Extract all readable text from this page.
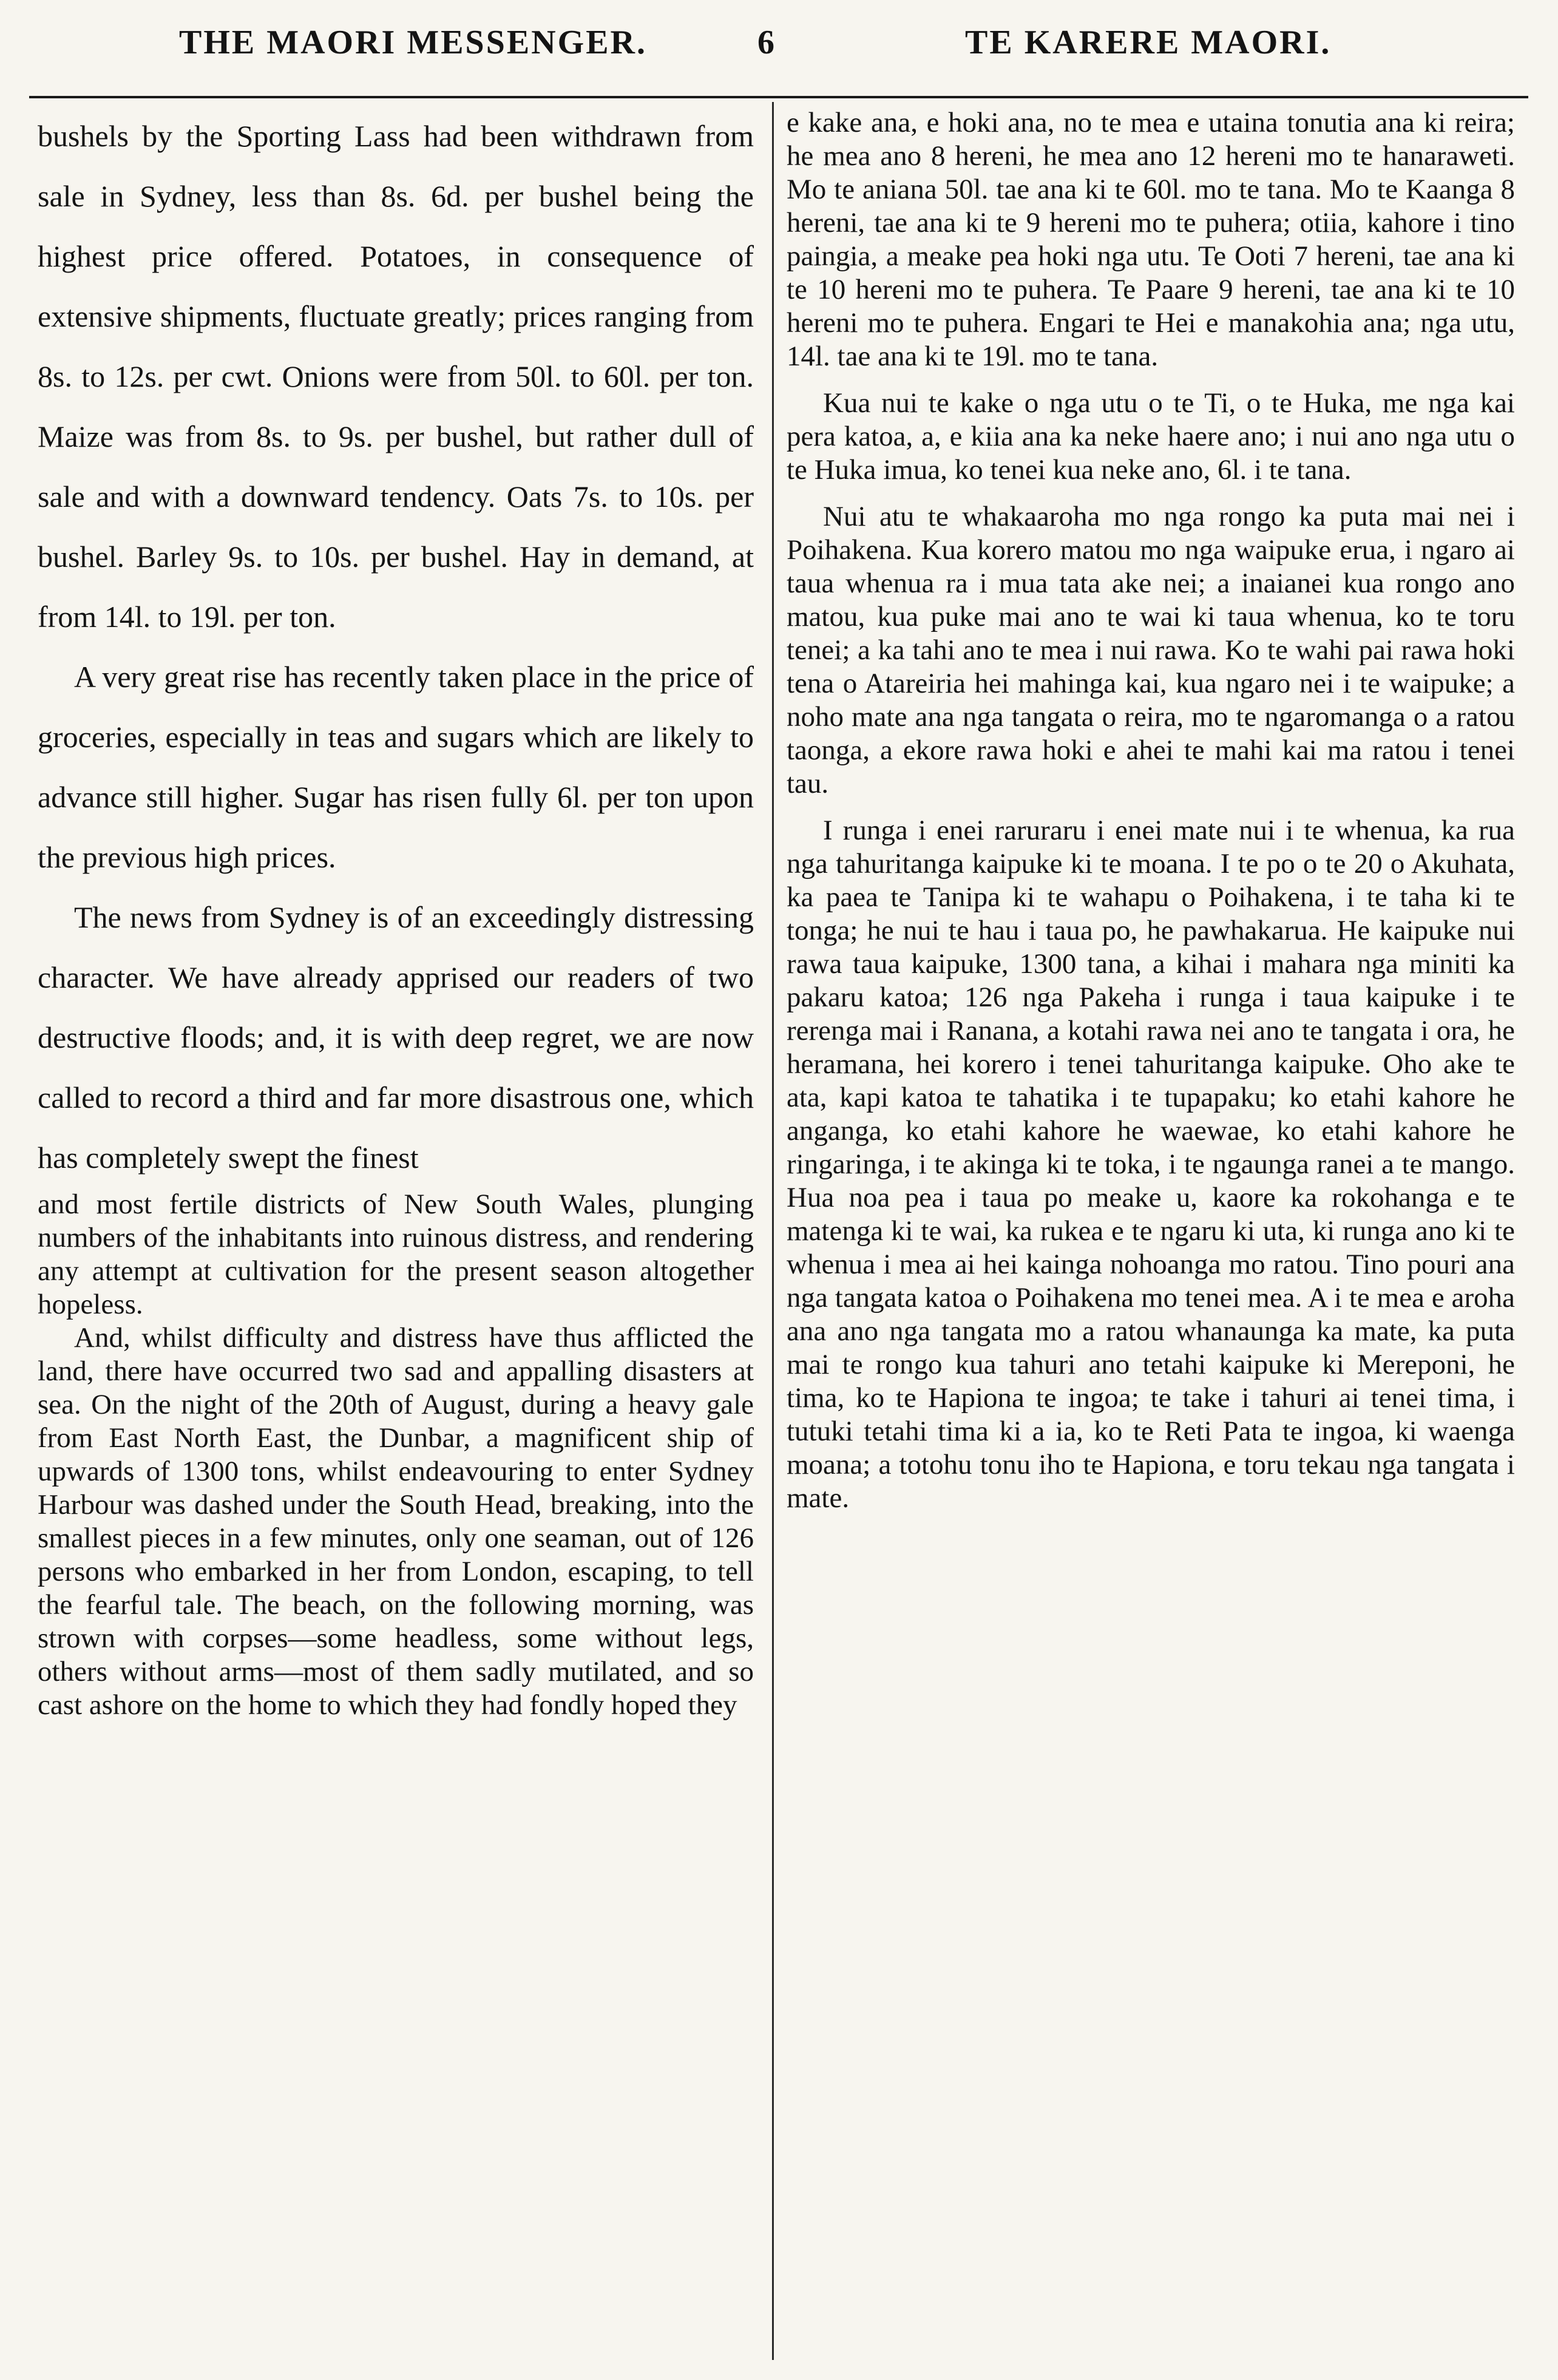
THE MAORI MESSENGER.	6	TE KARERE MAORI.

bushels by the Sporting Lass had been withdrawn from sale in Sydney, less than 8s. 6d. per bushel being the highest price offered. Potatoes, in consequence of extensive shipments, fluctuate greatly; prices ranging from 8s. to 12s. per cwt. Onions were from 50l. to 60l. per ton. Maize was from 8s. to 9s. per bushel, but rather dull of sale and with a downward tendency. Oats 7s. to 10s. per bushel. Barley 9s. to 10s. per bushel. Hay in demand, at from 14l. to 19l. per ton.

A very great rise has recently taken place in the price of groceries, especially in teas and sugars which are likely to advance still higher. Sugar has risen fully 6l. per ton upon the previous high prices.

The news from Sydney is of an exceedingly distressing character. We have already apprised our readers of two destructive floods; and, it is with deep regret, we are now called to record a third and far more disastrous one, which has completely swept the finest

and most fertile districts of New South Wales, plunging numbers of the inhabitants into ruinous distress, and rendering any attempt at cultivation for the present season altogether hopeless.

And, whilst difficulty and distress have thus afflicted the land, there have occurred two sad and appalling disasters at sea. On the night of the 20th of August, during a heavy gale from East North East, the Dunbar, a magnificent ship of upwards of 1300 tons, whilst endeavouring to enter Sydney Harbour was dashed under the South Head, breaking, into the smallest pieces in a few minutes, only one seaman, out of 126 persons who embarked in her from London, escaping, to tell the fearful tale. The beach, on the following morning, was strown with corpses—some headless, some without legs, others without arms—most of them sadly mutilated, and so cast ashore on the home to which they had fondly hoped they

e kake ana, e hoki ana, no te mea e utaina tonutia ana ki reira; he mea ano 8 hereni, he mea ano 12 hereni mo te hanaraweti. Mo te aniana 50l. tae ana ki te 60l. mo te tana. Mo te Kaanga 8 hereni, tae ana ki te 9 hereni mo te puhera; otiia, kahore i tino paingia, a meake pea hoki nga utu. Te Ooti 7 hereni, tae ana ki te 10 hereni mo te puhera. Te Paare 9 hereni, tae ana ki te 10 hereni mo te puhera. Engari te Hei e manakohia ana; nga utu, 14l. tae ana ki te 19l. mo te tana.

Kua nui te kake o nga utu o te Ti, o te Huka, me nga kai pera katoa, a, e kiia ana ka neke haere ano; i nui ano nga utu o te Huka imua, ko tenei kua neke ano, 6l. i te tana.

Nui atu te whakaaroha mo nga rongo ka puta mai nei i Poihakena. Kua korero matou mo nga waipuke erua, i ngaro ai taua whenua ra i mua tata ake nei; a inaianei kua rongo ano matou, kua puke mai ano te wai ki taua whenua, ko te toru tenei; a ka tahi ano te mea i nui rawa. Ko te wahi pai rawa hoki tena o Atareiria hei mahinga kai, kua ngaro nei i te waipuke; a noho mate ana nga tangata o reira, mo te ngaromanga o a ratou taonga, a ekore rawa hoki e ahei te mahi kai ma ratou i tenei tau.

I runga i enei raruraru i enei mate nui i te whenua, ka rua nga tahuritanga kaipuke ki te moana. I te po o te 20 o Akuhata, ka paea te Tanipa ki te wahapu o Poihakena, i te taha ki te tonga; he nui te hau i taua po, he pawhakarua. He kaipuke nui rawa taua kaipuke, 1300 tana, a kihai i mahara nga miniti ka pakaru katoa; 126 nga Pakeha i runga i taua kaipuke i te rerenga mai i Ranana, a kotahi rawa nei ano te tangata i ora, he heramana, hei korero i tenei tahuritanga kaipuke. Oho ake te ata, kapi katoa te tahatika i te tupapaku; ko etahi kahore he anganga, ko etahi kahore he waewae, ko etahi kahore he ringaringa, i te akinga ki te toka, i te ngaunga ranei a te mango. Hua noa pea i taua po meake u, kaore ka rokohanga e te matenga ki te wai, ka rukea e te ngaru ki uta, ki runga ano ki te whenua i mea ai hei kainga nohoanga mo ratou. Tino pouri ana nga tangata katoa o Poihakena mo tenei mea. A i te mea e aroha ana ano nga tangata mo a ratou whanaunga ka mate, ka puta mai te rongo kua tahuri ano tetahi kaipuke ki Mereponi, he tima, ko te Hapiona te ingoa; te take i tahuri ai tenei tima, i tutuki tetahi tima ki a ia, ko te Reti Pata te ingoa, ki waenga moana; a totohu tonu iho te Hapiona, e toru tekau nga tangata i mate.
